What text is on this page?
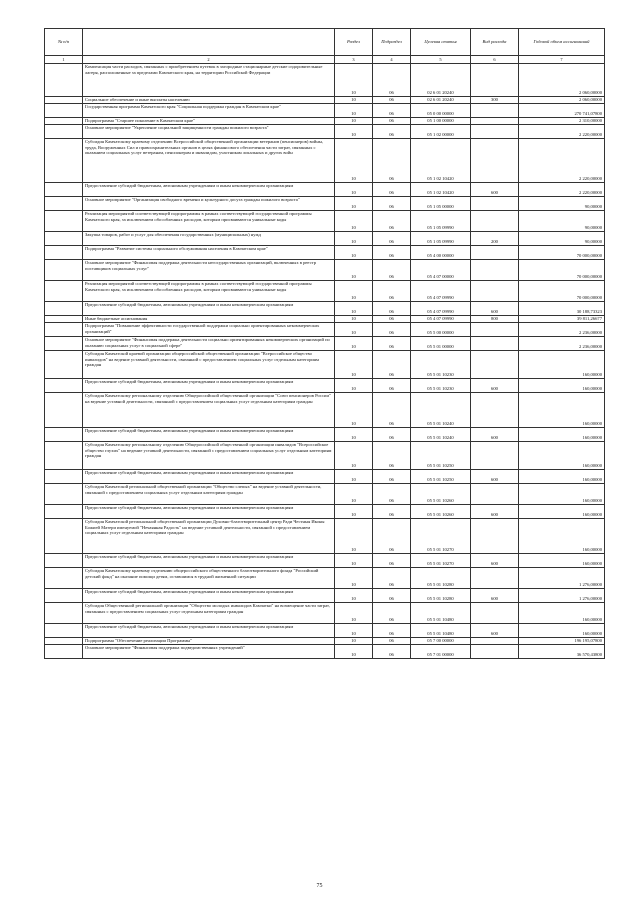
№ п/п		Раздел	Подраздел	Целевая статья	Вид расхода	Годовой объем ассигнований
1	2	3	4	5	6	7
	Компенсация части расходов, связанных с приобретением путевок в загородные стационарные детские оздоровительные лагеря, расположенные за пределами Камчатского края, на территории Российской Федерации	10	06	02 6 01 20240		2 060,00000
	Социальное обеспечение и иные выплаты населению	10	06	02 6 01 20240	300	2 060,00000
	Государственная программа Камчатского края "Социальная поддержка граждан в Камчатском крае"	10	06	05 0 00 00000		270 741,07800
	Подпрограмма "Старшее поколение в Камчатском крае"	10	06	05 1 00 00000		2 310,00000
	Основное мероприятие "Укрепление социальной защищенности граждан пожилого возраста"	10	06	05 1 02 00000		2 220,00000
	Субсидия Камчатскому краевому отделению Всероссийской общественной организации ветеранов (пенсионеров) войны, труда, Вооруженных Сил и правоохранительных органов в целях финансового обеспечения части затрат, связанных с оказанием социальных услуг ветеранам, пенсионерам и инвалидам, участникам локальных и других войн	10	06	05 1 02 10420		2 220,00000
	Предоставление субсидий бюджетным, автономным учреждениям и иным некоммерческим организациям	10	06	05 1 02 10420	600	2 220,00000
	Основное мероприятие "Организация свободного времени и культурного досуга граждан пожилого возраста"	10	06	05 1 05 00000		90,00000
	Реализация мероприятий соответствующей подпрограммы в рамках соответствующей государственной программы Камчатского края, за исключением обособленных расходов, которым присваиваются уникальные коды	10	06	05 1 05 09990		90,00000
	Закупка товаров, работ и услуг для обеспечения государственных (муниципальных) нужд	10	06	05 1 05 09990	200	90,00000
	Подпрограмма "Развитие системы социального обслуживания населения в Камчатском крае"	10	06	05 4 00 00000		70 000,00000
	Основное мероприятие "Финансовая поддержка деятельности негосударственных организаций, включенных в реестр поставщиков социальных услуг"	10	06	05 4 07 00000		70 000,00000
	Реализация мероприятий соответствующей подпрограммы в рамках соответствующей государственной программы Камчатского края, за исключением обособленных расходов, которым присваиваются уникальные коды	10	06	05 4 07 09990		70 000,00000
	Предоставление субсидий бюджетным, автономным учреждениям и иным некоммерческим организациям	10	06	05 4 07 09990	600	30 188,73323
	Иные бюджетные ассигнования	10	06	05 4 07 09990	800	39 811,26677
	Подпрограмма "Повышение эффективности государственной поддержки социально ориентированных некоммерческих организаций"	10	06	05 5 00 00000		2 236,00000
	Основное мероприятие "Финансовая поддержка деятельности социально ориентированных некоммерческих организаций по оказанию социальных услуг в социальной сфере"	10	06	05 5 01 00000		2 236,00000
	Субсидия Камчатской краевой организации общероссийской общественной организации "Всероссийское общество инвалидов" на ведение уставной деятельности, связанной с предоставлением социальных услуг отдельным категориям граждан	10	06	05 5 01 10230		160,00000
	Предоставление субсидий бюджетным, автономным учреждениям и иным некоммерческим организациям	10	06	05 5 01 10230	600	160,00000
	Субсидия Камчатскому региональному отделению Общероссийской общественной организации "Союз пенсионеров России" на ведение уставной деятельности, связанной с предоставлением социальных услуг отдельным категориям граждан	10	06	05 5 01 10240		160,00000
	Предоставление субсидий бюджетным, автономным учреждениям и иным некоммерческим организациям	10	06	05 5 01 10240	600	160,00000
	Субсидия Камчатскому региональному отделению Общероссийской общественной организации инвалидов "Всероссийское общество глухих" на ведение уставной деятельности, связанной с предоставлением социальных услуг отдельным категориям граждан	10	06	05 5 01 10250		160,00000
	Предоставление субсидий бюджетным, автономным учреждениям и иным некоммерческим организациям	10	06	05 5 01 10250	600	160,00000
	Субсидия Камчатской региональной общественной организации "Общество слепых" на ведение уставной деятельности, связанной с предоставлением социальных услуг отдельным категориям граждан	10	06	05 5 01 10260		160,00000
	Предоставление субсидий бюджетным, автономным учреждениям и иным некоммерческим организациям	10	06	05 5 01 10260	600	160,00000
	Субсидия Камчатской региональной общественной организации Духовно-благотворительный центр Ради Честныя Иконы Божией Матери именуемой "Нечаянная Радость" на ведение уставной деятельности, связанной с предоставлением социальных услуг отдельным категориям граждан	10	06	05 5 01 10270		160,00000
	Предоставление субсидий бюджетным, автономным учреждениям и иным некоммерческим организациям	10	06	05 5 01 10270	600	160,00000
	Субсидия Камчатскому краевому отделению общероссийского общественного благотворительного фонда "Российский детский фонд" на оказание помощи детям, оставшимся в трудной жизненной ситуации	10	06	05 5 01 10280		1 276,00000
	Предоставление субсидий бюджетным, автономным учреждениям и иным некоммерческим организациям	10	06	05 5 01 10280	600	1 276,00000
	Субсидия Общественной региональной организации "Общество молодых инвалидов Камчатки" на возмещение части затрат, связанных с предоставлением социальных услуг отдельным категориям граждан	10	06	05 5 01 10480		160,00000
	Предоставление субсидий бюджетным, автономным учреждениям и иным некоммерческим организациям	10	06	05 5 01 10480	600	160,00000
	Подпрограмма "Обеспечение реализации Программы"	10	06	05 7 00 00000		196 195,07800
	Основное мероприятие "Финансовая поддержка подведомственных учреждений"	10	06	05 7 01 00000		36 570,43800
75
